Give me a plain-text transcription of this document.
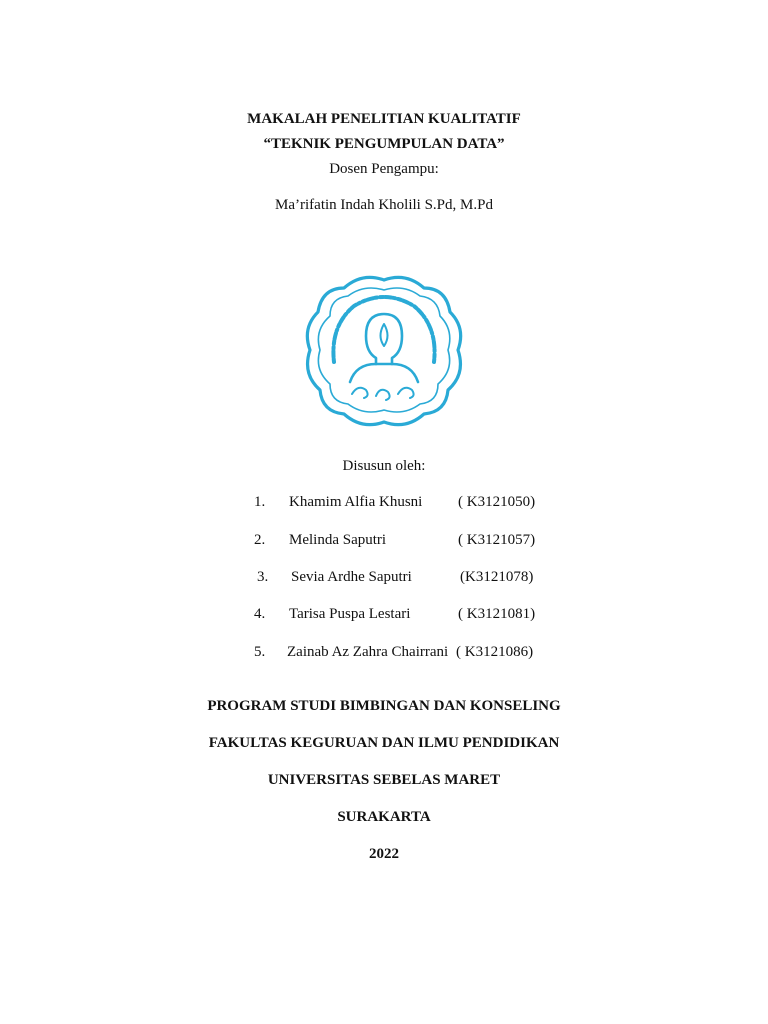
MAKALAH PENELITIAN KUALITATIF
“TEKNIK PENGUMPULAN DATA”
Dosen Pengampu:
Ma’rifatin Indah Kholili S.Pd, M.Pd
mangesthi luhur ambangun negara
Disusun oleh:
1. Khamim Alfia Khusni ( K3121050)
2. Melinda Saputri	( K3121057)
3. Sevia Ardhe Saputri	(K3121078)
4. Tarisa Puspa Lestari	( K3121081)
5. Zainab Az Zahra Chairrani ( K3121086)
PROGRAM STUDI BIMBINGAN DAN KONSELING
FAKULTAS KEGURUAN DAN ILMU PENDIDIKAN
UNIVERSITAS SEBELAS MARET
SURAKARTA
2022
